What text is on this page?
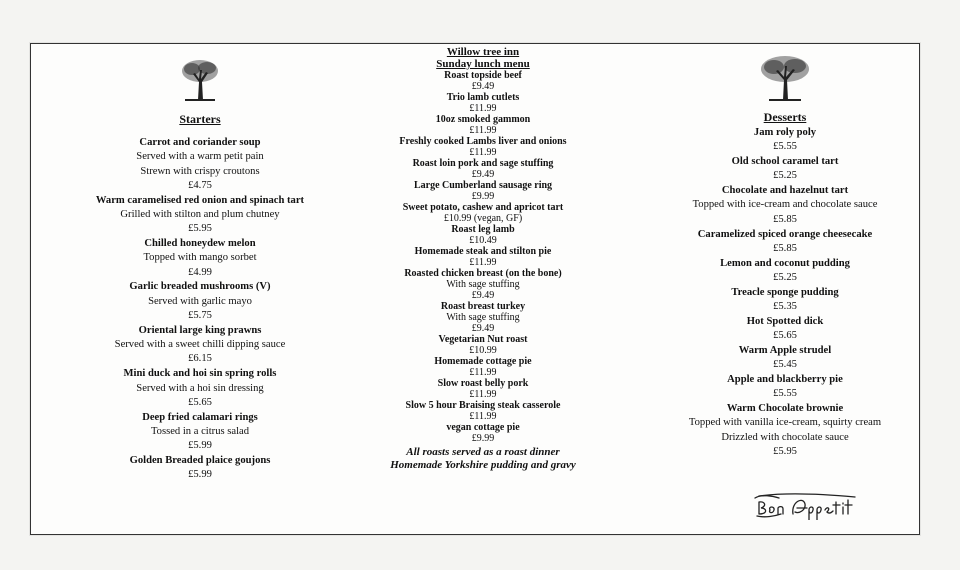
Starters
Carrot and coriander soup
Served with a warm petit pain
Strewn with crispy croutons
£4.75
Warm caramelised red onion and spinach tart
Grilled with stilton and plum chutney
£5.95
Chilled honeydew melon
Topped with mango sorbet
£4.99
Garlic breaded mushrooms (V)
Served with garlic mayo
£5.75
Oriental large king prawns
Served with a sweet chilli dipping sauce
£6.15
Mini duck and hoi sin spring rolls
Served with a hoi sin dressing
£5.65
Deep fried calamari rings
Tossed in a citrus salad
£5.99
Golden Breaded plaice goujons
£5.99
Willow tree inn
Sunday lunch menu
Roast topside beef
£9.49
Trio lamb cutlets
£11.99
10oz smoked gammon
£11.99
Freshly cooked Lambs liver and onions
£11.99
Roast loin pork and sage stuffing
£9.49
Large Cumberland sausage ring
£9.99
Sweet potato, cashew and apricot tart
£10.99 (vegan, GF)
Roast leg lamb
£10.49
Homemade steak and stilton pie
£11.99
Roasted chicken breast (on the bone)
With sage stuffing
£9.49
Roast breast turkey
With sage stuffing
£9.49
Vegetarian Nut roast
£10.99
Homemade cottage pie
£11.99
Slow roast belly pork
£11.99
Slow 5 hour Braising steak casserole
£11.99
vegan cottage pie
£9.99
All roasts served as a roast dinner
Homemade Yorkshire pudding and gravy
Desserts
Jam roly poly
£5.55
Old school caramel tart
£5.25
Chocolate and hazelnut tart
Topped with ice-cream and chocolate sauce
£5.85
Caramelized spiced orange cheesecake
£5.85
Lemon and coconut pudding
£5.25
Treacle sponge pudding
£5.35
Hot Spotted dick
£5.65
Warm Apple strudel
£5.45
Apple and blackberry pie
£5.55
Warm Chocolate brownie
Topped with vanilla ice-cream, squirty cream
Drizzled with chocolate sauce
£5.95
